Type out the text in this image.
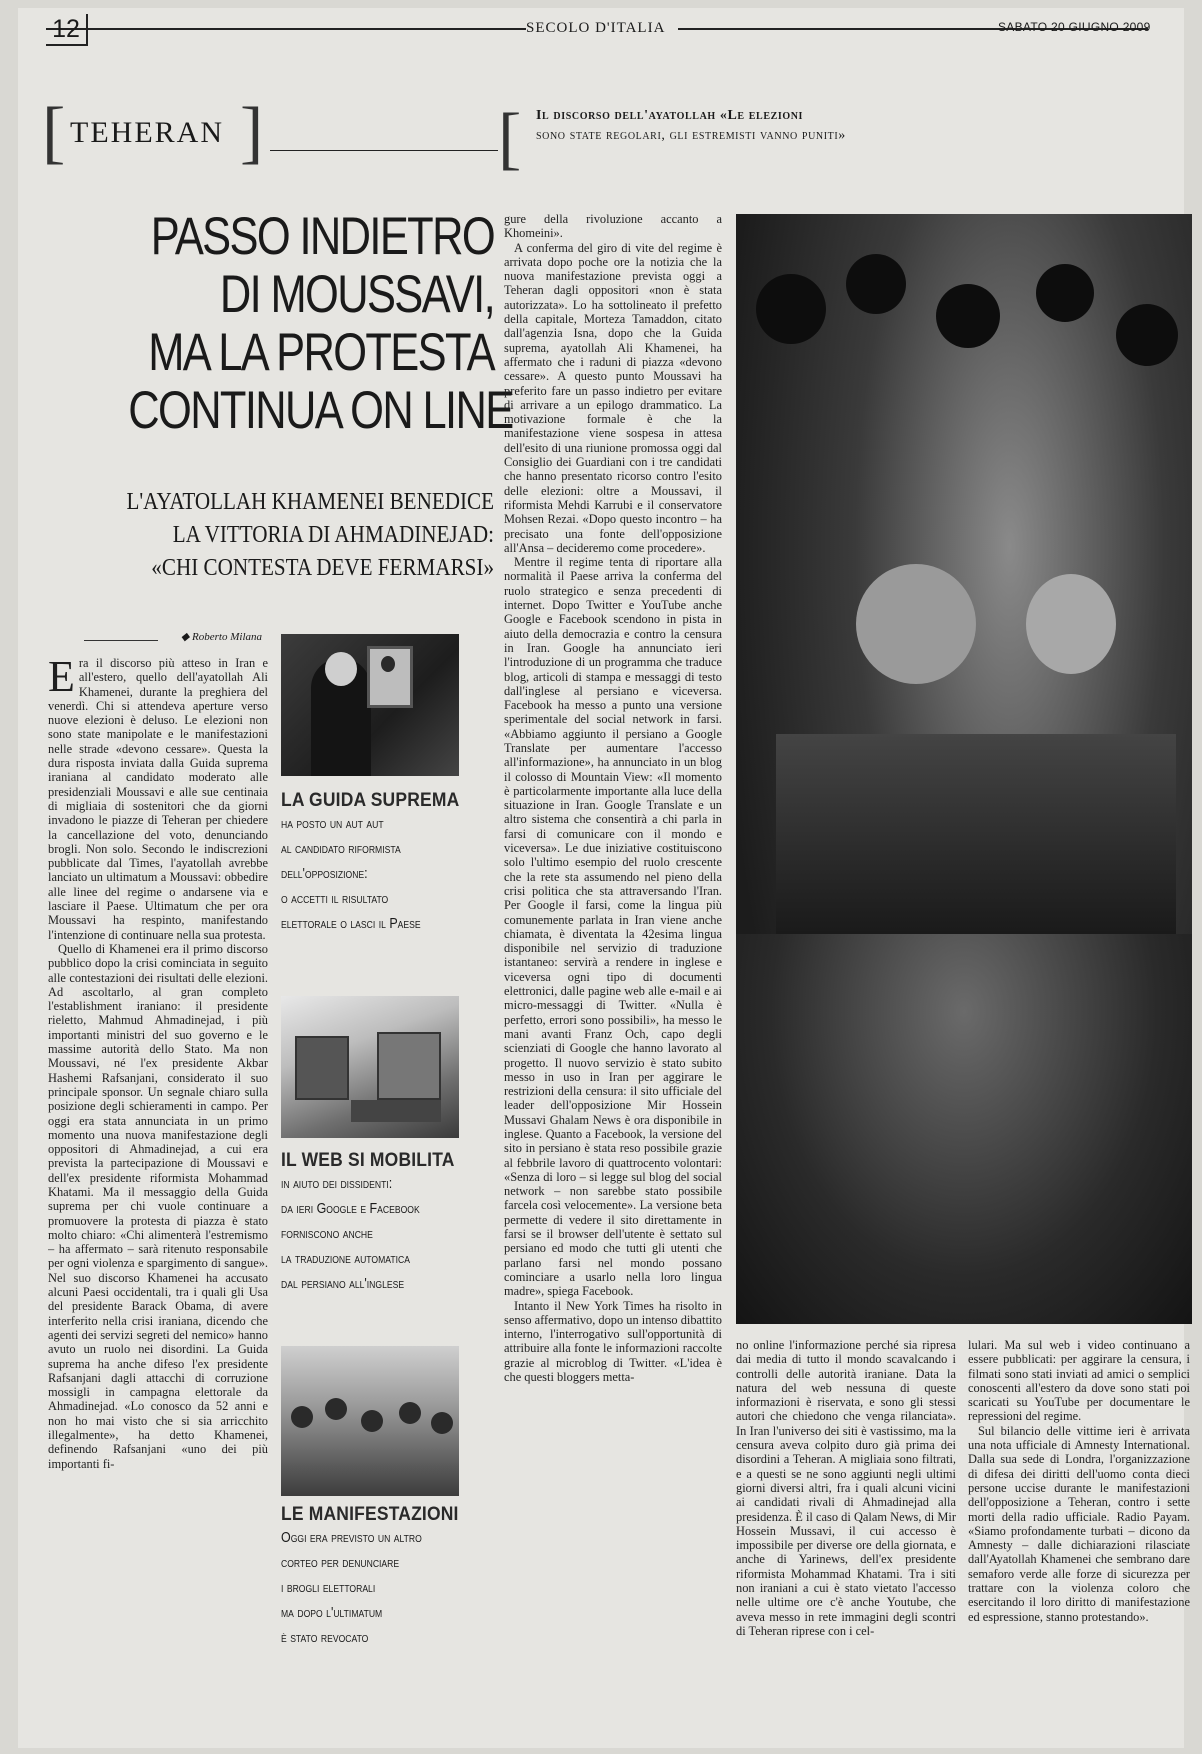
12	SECOLO D'ITALIA	SABATO 20 GIUGNO 2009
[ TEHERAN ]	[ Il discorso dell'ayatollah «Le elezioni
sono state regolari, gli estremisti vanno puniti»
PASSO INDIETRO
DI MOUSSAVI,
MA LA PROTESTA
CONTINUA ON LINE
L'AYATOLLAH KHAMENEI BENEDICE
LA VITTORIA DI AHMADINEJAD:
«CHI CONTESTA DEVE FERMARSI»
◆ Roberto Milana
E ra il discorso più atteso in Iran e all'estero, quello dell'ayatollah Ali Khamenei, durante la preghiera del venerdì. Chi si attendeva aperture verso nuove elezioni è deluso. Le elezioni non sono state manipolate e le manifestazioni nelle strade «devono cessare». Questa la dura risposta inviata dalla Guida suprema iraniana al candidato moderato alle presidenziali Moussavi e alle sue centinaia di migliaia di sostenitori che da giorni invadono le piazze di Teheran per chiedere la cancellazione del voto, denunciando brogli. Non solo. Secondo le indiscrezioni pubblicate dal Times, l'ayatollah avrebbe lanciato un ultimatum a Moussavi: obbedire alle linee del regime o andarsene via e lasciare il Paese. Ultimatum che per ora Moussavi ha respinto, manifestando l'intenzione di continuare nella sua protesta.

Quello di Khamenei era il primo discorso pubblico dopo la crisi cominciata in seguito alle contestazioni dei risultati delle elezioni. Ad ascoltarlo, al gran completo l'establishment iraniano: il presidente rieletto, Mahmud Ahmadinejad, i più importanti ministri del suo governo e le massime autorità dello Stato. Ma non Moussavi, né l'ex presidente Akbar Hashemi Rafsanjani, considerato il suo principale sponsor. Un segnale chiaro sulla posizione degli schieramenti in campo. Per oggi era stata annunciata in un primo momento una nuova manifestazione degli oppositori di Ahmadinejad, a cui era prevista la partecipazione di Moussavi e dell'ex presidente riformista Mohammad Khatami. Ma il messaggio della Guida suprema per chi vuole continuare a promuovere la protesta di piazza è stato molto chiaro: «Chi alimenterà l'estremismo – ha affermato – sarà ritenuto responsabile per ogni violenza e spargimento di sangue». Nel suo discorso Khamenei ha accusato alcuni Paesi occidentali, tra i quali gli Usa del presidente Barack Obama, di avere interferito nella crisi iraniana, dicendo che agenti dei servizi segreti del nemico» hanno avuto un ruolo nei disordini. La Guida suprema ha anche difeso l'ex presidente Rafsanjani dagli attacchi di corruzione mossigli in campagna elettorale da Ahmadinejad. «Lo conosco da 52 anni e non ho mai visto che si sia arricchito illegalmente», ha detto Khamenei, definendo Rafsanjani «uno dei più importanti fi-

LA GUIDA SUPREMA
ha posto un aut aut
al candidato riformista
dell'opposizione:
o accetti il risultato
elettorale o lasci il Paese
IL WEB SI MOBILITA
in aiuto dei dissidenti:
da ieri Google e Facebook
forniscono anche
la traduzione automatica
dal persiano all'inglese
LE MANIFESTAZIONI
Oggi era previsto un altro
corteo per denunciare
i brogli elettorali
ma dopo l'ultimatum
è stato revocato

gure della rivoluzione accanto a Khomeini».

A conferma del giro di vite del regime è arrivata dopo poche ore la notizia che la nuova manifestazione prevista oggi a Teheran dagli oppositori «non è stata autorizzata». Lo ha sottolineato il prefetto della capitale, Morteza Tamaddon, citato dall'agenzia Isna, dopo che la Guida suprema, ayatollah Ali Khamenei, ha affermato che i raduni di piazza «devono cessare». A questo punto Moussavi ha preferito fare un passo indietro per evitare di arrivare a un epilogo drammatico. La motivazione formale è che la manifestazione viene sospesa in attesa dell'esito di una riunione promossa oggi dal Consiglio dei Guardiani con i tre candidati che hanno presentato ricorso contro l'esito delle elezioni: oltre a Moussavi, il riformista Mehdi Karrubi e il conservatore Mohsen Rezai. «Dopo questo incontro – ha precisato una fonte dell'opposizione all'Ansa – decideremo come procedere».

Mentre il regime tenta di riportare alla normalità il Paese arriva la conferma del ruolo strategico e senza precedenti di internet. Dopo Twitter e YouTube anche Google e Facebook scendono in pista in aiuto della democrazia e contro la censura in Iran. Google ha annunciato ieri l'introduzione di un programma che traduce blog, articoli di stampa e messaggi di testo dall'inglese al persiano e viceversa. Facebook ha messo a punto una versione sperimentale del social network in farsi. «Abbiamo aggiunto il persiano a Google Translate per aumentare l'accesso all'informazione», ha annunciato in un blog il colosso di Mountain View: «Il momento è particolarmente importante alla luce della situazione in Iran. Google Translate e un altro sistema che consentirà a chi parla in farsi di comunicare con il mondo e viceversa». Le due iniziative costituiscono solo l'ultimo esempio del ruolo crescente che la rete sta assumendo nel pieno della crisi politica che sta attraversando l'Iran. Per Google il farsi, come la lingua più comunemente parlata in Iran viene anche chiamata, è diventata la 42esima lingua disponibile nel servizio di traduzione istantaneo: servirà a rendere in inglese e viceversa ogni tipo di documenti elettronici, dalle pagine web alle e-mail e ai micro-messaggi di Twitter. «Nulla è perfetto, errori sono possibili», ha messo le mani avanti Franz Och, capo degli scienziati di Google che hanno lavorato al progetto. Il nuovo servizio è stato subito messo in uso in Iran per aggirare le restrizioni della censura: il sito ufficiale del leader dell'opposizione Mir Hossein Mussavi Ghalam News è ora disponibile in inglese. Quanto a Facebook, la versione del sito in persiano è stata reso possibile grazie al febbrile lavoro di quattrocento volontari: «Senza di loro – si legge sul blog del social network – non sarebbe stato possibile farcela così velocemente». La versione beta permette di vedere il sito direttamente in farsi se il browser dell'utente è settato sul persiano ed modo che tutti gli utenti che parlano farsi nel mondo possano cominciare a usarlo nella loro lingua madre», spiega Facebook.

Intanto il New York Times ha risolto in senso affermativo, dopo un intenso dibattito interno, l'interrogativo sull'opportunità di attribuire alla fonte le informazioni raccolte grazie al microblog di Twitter. «L'idea è che questi bloggers metta-

no online l'informazione perché sia ripresa dai media di tutto il mondo scavalcando i controlli delle autorità iraniane. Data la natura del web nessuna di queste informazioni è riservata, e sono gli stessi autori che chiedono che venga rilanciata». In Iran l'universo dei siti è vastissimo, ma la censura aveva colpito duro già prima dei disordini a Teheran. A migliaia sono filtrati, e a questi se ne sono aggiunti negli ultimi giorni diversi altri, fra i quali alcuni vicini ai candidati rivali di Ahmadinejad alla presidenza. È il caso di Qalam News, di Mir Hossein Mussavi, il cui accesso è impossibile per diverse ore della giornata, e anche di Yarinews, dell'ex presidente riformista Mohammad Khatami. Tra i siti non iraniani a cui è stato vietato l'accesso nelle ultime ore c'è anche Youtube, che aveva messo in rete immagini degli scontri di Teheran riprese con i cel-

lulari. Ma sul web i video continuano a essere pubblicati: per aggirare la censura, i filmati sono stati inviati ad amici o semplici conoscenti all'estero da dove sono stati poi scaricati su YouTube per documentare le repressioni del regime.

Sul bilancio delle vittime ieri è arrivata una nota ufficiale di Amnesty International. Dalla sua sede di Londra, l'organizzazione di difesa dei diritti dell'uomo conta dieci persone uccise durante le manifestazioni dell'opposizione a Teheran, contro i sette morti della radio ufficiale. Radio Payam. «Siamo profondamente turbati – dicono da Amnesty – dalle dichiarazioni rilasciate dall'Ayatollah Khamenei che sembrano dare semaforo verde alle forze di sicurezza per trattare con la violenza coloro che esercitando il loro diritto di manifestazione ed espressione, stanno protestando».
